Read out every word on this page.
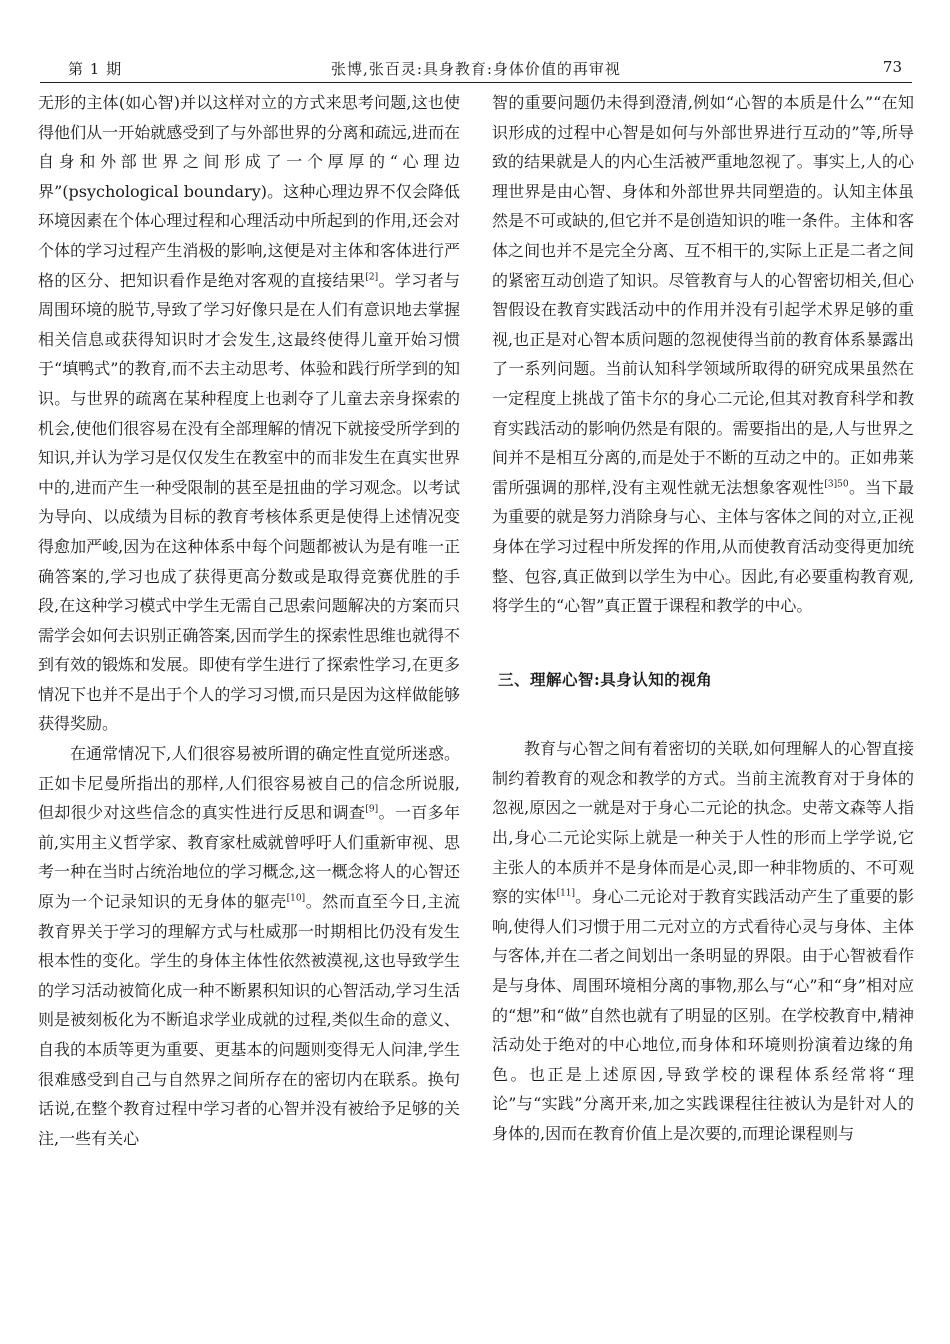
第 1 期	张博,张百灵:具身教育:身体价值的再审视	73

无形的主体(如心智)并以这样对立的方式来思考问题,这也使得他们从一开始就感受到了与外部世界的分离和疏远,进而在自身和外部世界之间形成了一个厚厚的“心理边界”(psychological boundary)。这种心理边界不仅会降低环境因素在个体心理过程和心理活动中所起到的作用,还会对个体的学习过程产生消极的影响,这便是对主体和客体进行严格的区分、把知识看作是绝对客观的直接结果[2]。学习者与周围环境的脱节,导致了学习好像只是在人们有意识地去掌握相关信息或获得知识时才会发生,这最终使得儿童开始习惯于“填鸭式”的教育,而不去主动思考、体验和践行所学到的知识。与世界的疏离在某种程度上也剥夺了儿童去亲身探索的机会,使他们很容易在没有全部理解的情况下就接受所学到的知识,并认为学习是仅仅发生在教室中的而非发生在真实世界中的,进而产生一种受限制的甚至是扭曲的学习观念。以考试为导向、以成绩为目标的教育考核体系更是使得上述情况变得愈加严峻,因为在这种体系中每个问题都被认为是有唯一正确答案的,学习也成了获得更高分数或是取得竞赛优胜的手段,在这种学习模式中学生无需自己思索问题解决的方案而只需学会如何去识别正确答案,因而学生的探索性思维也就得不到有效的锻炼和发展。即使有学生进行了探索性学习,在更多情况下也并不是出于个人的学习习惯,而只是因为这样做能够获得奖励。

在通常情况下,人们很容易被所谓的确定性直觉所迷惑。正如卡尼曼所指出的那样,人们很容易被自己的信念所说服,但却很少对这些信念的真实性进行反思和调查[9]。一百多年前,实用主义哲学家、教育家杜威就曾呼吁人们重新审视、思考一种在当时占统治地位的学习概念,这一概念将人的心智还原为一个记录知识的无身体的躯壳[10]。然而直至今日,主流教育界关于学习的理解方式与杜威那一时期相比仍没有发生根本性的变化。学生的身体主体性依然被漠视,这也导致学生的学习活动被简化成一种不断累积知识的心智活动,学习生活则是被刻板化为不断追求学业成就的过程,类似生命的意义、自我的本质等更为重要、更基本的问题则变得无人问津,学生很难感受到自己与自然界之间所存在的密切内在联系。换句话说,在整个教育过程中学习者的心智并没有被给予足够的关注,一些有关心

智的重要问题仍未得到澄清,例如“心智的本质是什么”“在知识形成的过程中心智是如何与外部世界进行互动的”等,所导致的结果就是人的内心生活被严重地忽视了。事实上,人的心理世界是由心智、身体和外部世界共同塑造的。认知主体虽然是不可或缺的,但它并不是创造知识的唯一条件。主体和客体之间也并不是完全分离、互不相干的,实际上正是二者之间的紧密互动创造了知识。尽管教育与人的心智密切相关,但心智假设在教育实践活动中的作用并没有引起学术界足够的重视,也正是对心智本质问题的忽视使得当前的教育体系暴露出了一系列问题。当前认知科学领域所取得的研究成果虽然在一定程度上挑战了笛卡尔的身心二元论,但其对教育科学和教育实践活动的影响仍然是有限的。需要指出的是,人与世界之间并不是相互分离的,而是处于不断的互动之中的。正如弗莱雷所强调的那样,没有主观性就无法想象客观性$^{[3]50}$。当下最为重要的就是努力消除身与心、主体与客体之间的对立,正视身体在学习过程中所发挥的作用,从而使教育活动变得更加统整、包容,真正做到以学生为中心。因此,有必要重构教育观,将学生的“心智”真正置于课程和教学的中心。

三、理解心智:具身认知的视角

教育与心智之间有着密切的关联,如何理解人的心智直接制约着教育的观念和教学的方式。当前主流教育对于身体的忽视,原因之一就是对于身心二元论的执念。史蒂文森等人指出,身心二元论实际上就是一种关于人性的形而上学学说,它主张人的本质并不是身体而是心灵,即一种非物质的、不可观察的实体[11]。身心二元论对于教育实践活动产生了重要的影响,使得人们习惯于用二元对立的方式看待心灵与身体、主体与客体,并在二者之间划出一条明显的界限。由于心智被看作是与身体、周围环境相分离的事物,那么与“心”和“身”相对应的“想”和“做”自然也就有了明显的区别。在学校教育中,精神活动处于绝对的中心地位,而身体和环境则扮演着边缘的角色。也正是上述原因,导致学校的课程体系经常将“理论”与“实践”分离开来,加之实践课程往往被认为是针对人的身体的,因而在教育价值上是次要的,而理论课程则与
